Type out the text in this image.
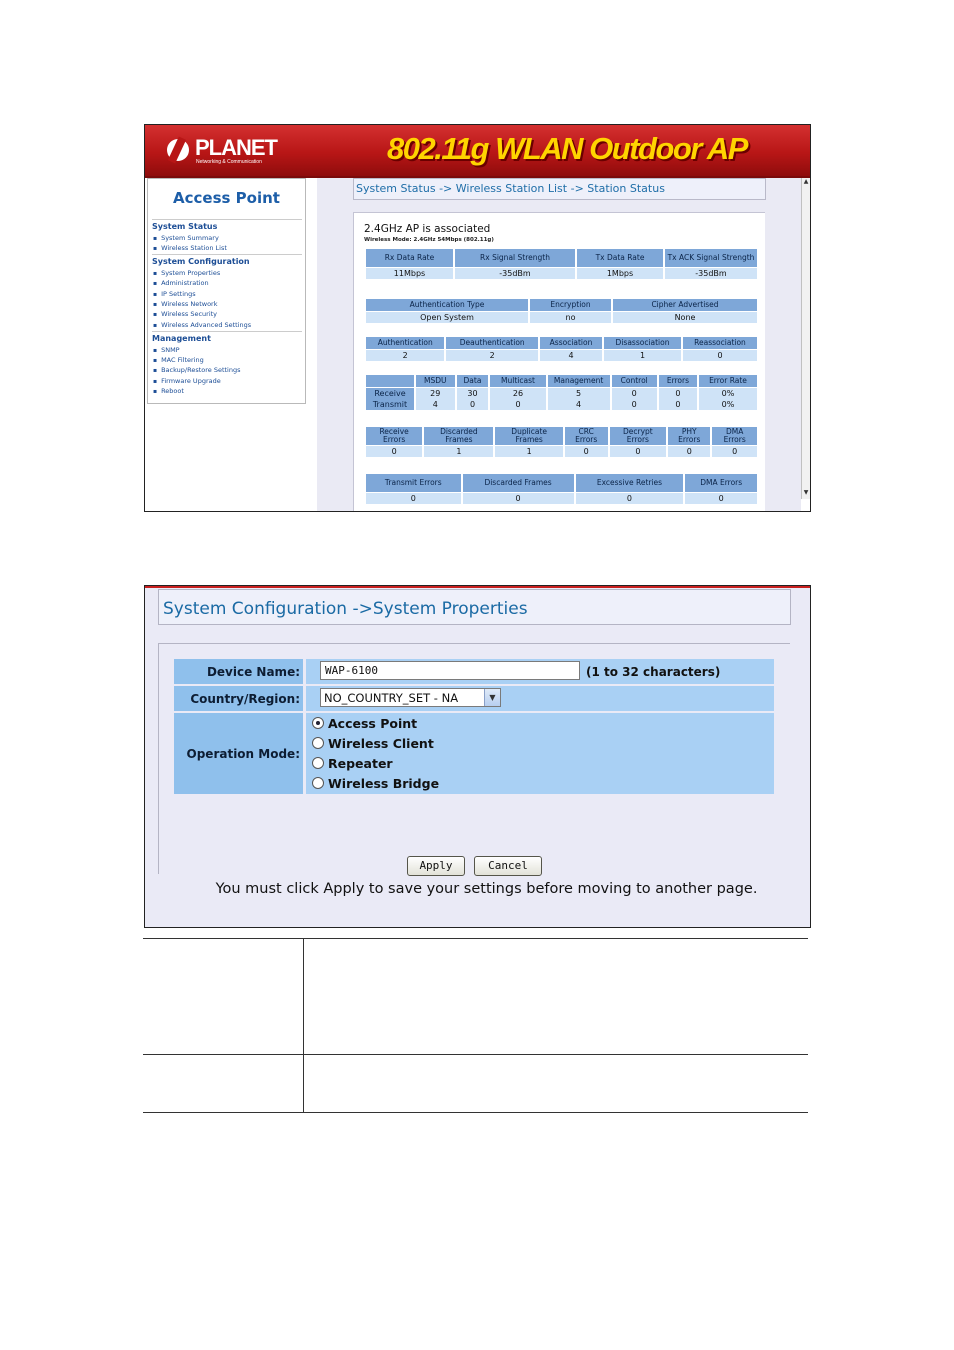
PLANET
Networking & Communication	802.11g WLAN Outdoor AP
Access Point
System Status
▪ System Summary
▪ Wireless Station List
System Configuration
▪ System Properties
▪ Administration
▪ IP Settings
▪ Wireless Network
▪ Wireless Security
▪ Wireless Advanced Settings
Management
▪ SNMP
▪ MAC Filtering
▪ Backup/Restore Settings
▪ Firmware Upgrade
▪ Reboot
System Status -> Wireless Station List -> Station Status
2.4GHz AP is associated
Wireless Mode: 2.4GHz 54Mbps (802.11g)
Rx Data Rate	Rx Signal Strength	Tx Data Rate	Tx ACK Signal Strength
11Mbps	-35dBm	1Mbps	-35dBm
Authentication Type	Encryption	Cipher Advertised
Open System	no	None
Authentication	Deauthentication	Association	Disassociation	Reassociation
2	2	4	1	0
	MSDU	Data	Multicast	Management	Control	Errors	Error Rate
Receive	29	30	26	5	0	0	0%
Transmit	4	0	0	4	0	0	0%
Receive Errors	Discarded Frames	Duplicate Frames	CRC Errors	Decrypt Errors	PHY Errors	DMA Errors
0	1	1	0	0	0	0
Transmit Errors	Discarded Frames	Excessive Retries	DMA Errors
0	0	0	0
▲
▼
System Configuration ->System Properties
Device Name:
WAP-6100	(1 to 32 characters)
Country/Region: NO_COUNTRY_SET - NA	▼
Operation Mode:
Access Point
Wireless Client
Repeater
Wireless Bridge
Apply	Cancel
You must click Apply to save your settings before moving to another page.
